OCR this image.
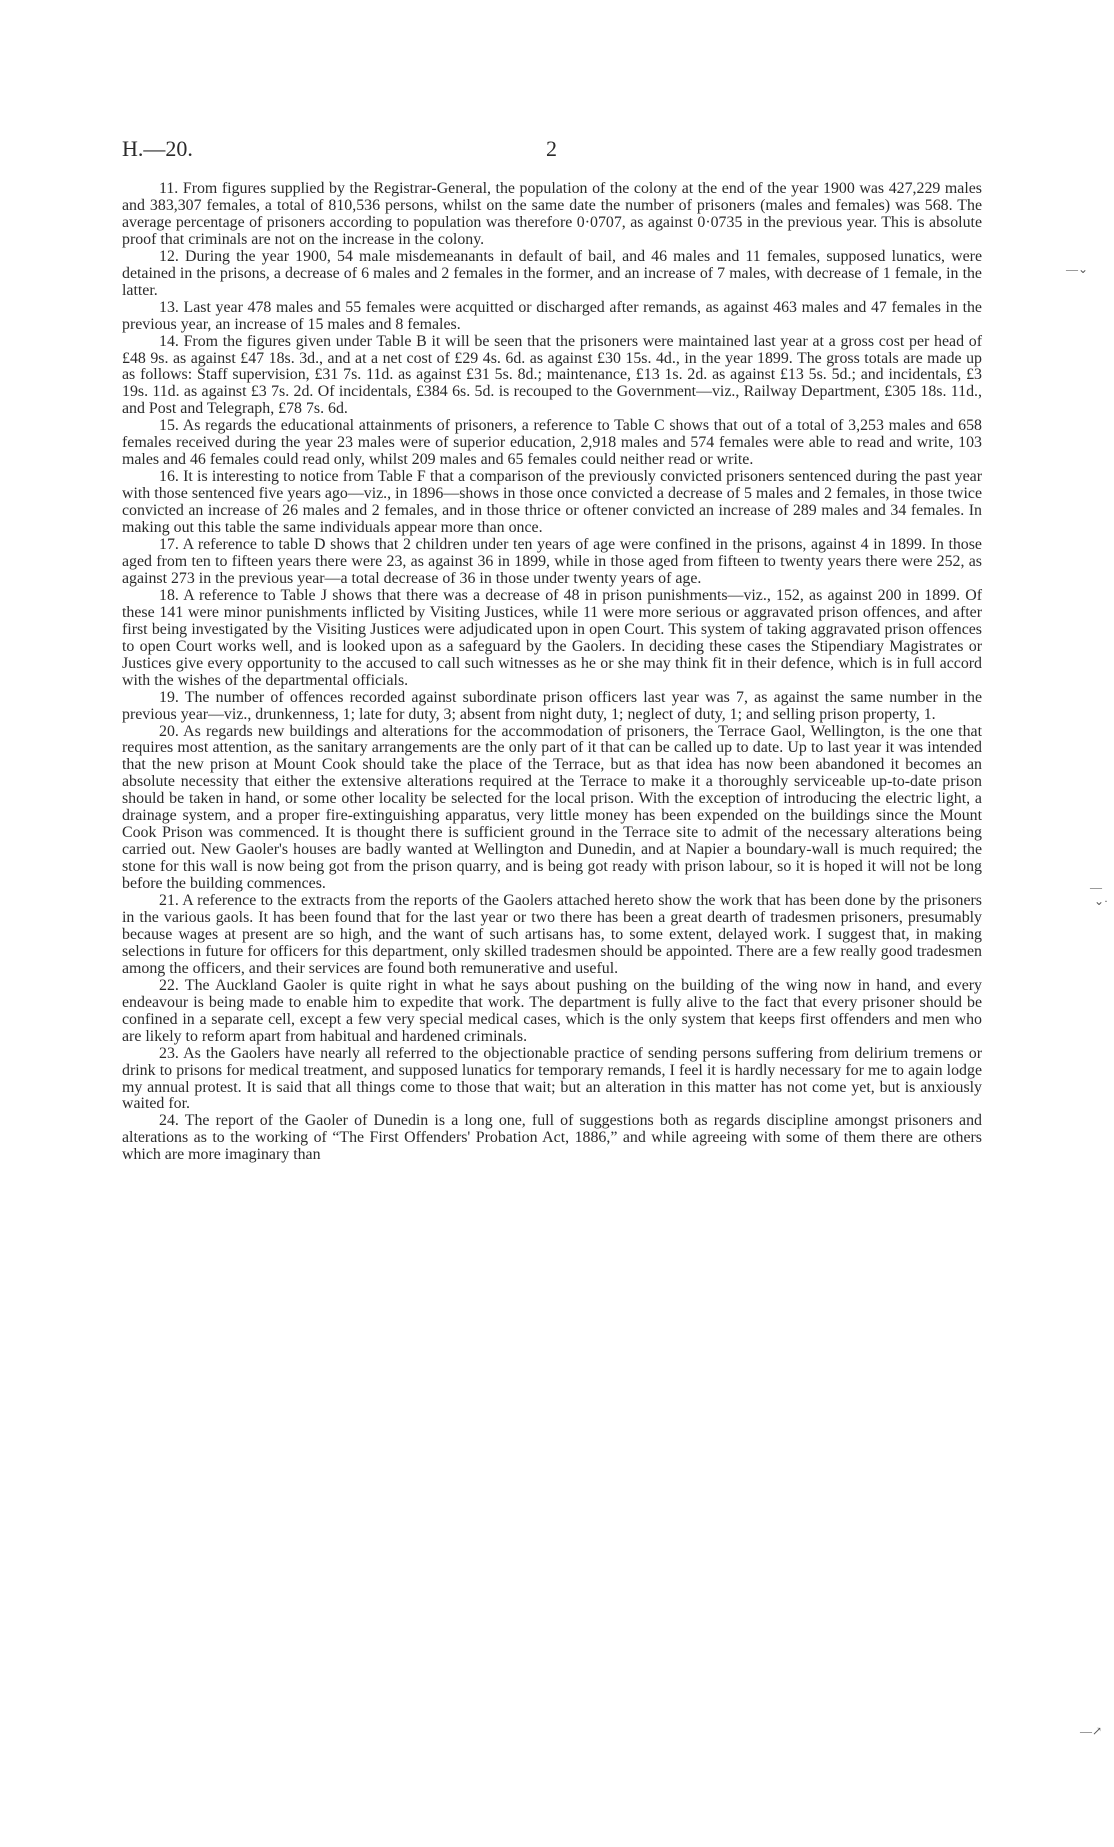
H.—20.	2
—⌄
—
⌄·
—↗

11. From figures supplied by the Registrar-General, the population of the colony at the end of the year 1900 was 427,229 males and 383,307 females, a total of 810,536 persons, whilst on the same date the number of prisoners (males and females) was 568. The average percentage of prisoners according to population was therefore 0·0707, as against 0·0735 in the previous year. This is absolute proof that criminals are not on the increase in the colony.

12. During the year 1900, 54 male misdemeanants in default of bail, and 46 males and 11 females, supposed lunatics, were detained in the prisons, a decrease of 6 males and 2 females in the former, and an increase of 7 males, with decrease of 1 female, in the latter.

13. Last year 478 males and 55 females were acquitted or discharged after remands, as against 463 males and 47 females in the previous year, an increase of 15 males and 8 females.

14. From the figures given under Table B it will be seen that the prisoners were maintained last year at a gross cost per head of £48 9s. as against £47 18s. 3d., and at a net cost of £29 4s. 6d. as against £30 15s. 4d., in the year 1899. The gross totals are made up as follows: Staff supervision, £31 7s. 11d. as against £31 5s. 8d.; maintenance, £13 1s. 2d. as against £13 5s. 5d.; and incidentals, £3 19s. 11d. as against £3 7s. 2d. Of incidentals, £384 6s. 5d. is recouped to the Government—viz., Railway Department, £305 18s. 11d., and Post and Telegraph, £78 7s. 6d.

15. As regards the educational attainments of prisoners, a reference to Table C shows that out of a total of 3,253 males and 658 females received during the year 23 males were of superior education, 2,918 males and 574 females were able to read and write, 103 males and 46 females could read only, whilst 209 males and 65 females could neither read or write.

16. It is interesting to notice from Table F that a comparison of the previously convicted prisoners sentenced during the past year with those sentenced five years ago—viz., in 1896—shows in those once convicted a decrease of 5 males and 2 females, in those twice convicted an increase of 26 males and 2 females, and in those thrice or oftener convicted an increase of 289 males and 34 females. In making out this table the same individuals appear more than once.

17. A reference to table D shows that 2 children under ten years of age were confined in the prisons, against 4 in 1899. In those aged from ten to fifteen years there were 23, as against 36 in 1899, while in those aged from fifteen to twenty years there were 252, as against 273 in the previous year—a total decrease of 36 in those under twenty years of age.

18. A reference to Table J shows that there was a decrease of 48 in prison punishments—viz., 152, as against 200 in 1899. Of these 141 were minor punishments inflicted by Visiting Justices, while 11 were more serious or aggravated prison offences, and after first being investigated by the Visiting Justices were adjudicated upon in open Court. This system of taking aggravated prison offences to open Court works well, and is looked upon as a safeguard by the Gaolers. In deciding these cases the Stipendiary Magistrates or Justices give every opportunity to the accused to call such witnesses as he or she may think fit in their defence, which is in full accord with the wishes of the departmental officials.

19. The number of offences recorded against subordinate prison officers last year was 7, as against the same number in the previous year—viz., drunkenness, 1; late for duty, 3; absent from night duty, 1; neglect of duty, 1; and selling prison property, 1.

20. As regards new buildings and alterations for the accommodation of prisoners, the Terrace Gaol, Wellington, is the one that requires most attention, as the sanitary arrangements are the only part of it that can be called up to date. Up to last year it was intended that the new prison at Mount Cook should take the place of the Terrace, but as that idea has now been abandoned it becomes an absolute necessity that either the extensive alterations required at the Terrace to make it a thoroughly serviceable up-to-date prison should be taken in hand, or some other locality be selected for the local prison. With the exception of introducing the electric light, a drainage system, and a proper fire-extinguishing apparatus, very little money has been expended on the buildings since the Mount Cook Prison was commenced. It is thought there is sufficient ground in the Terrace site to admit of the necessary alterations being carried out. New Gaoler's houses are badly wanted at Wellington and Dunedin, and at Napier a boundary-wall is much required; the stone for this wall is now being got from the prison quarry, and is being got ready with prison labour, so it is hoped it will not be long before the building commences.

21. A reference to the extracts from the reports of the Gaolers attached hereto show the work that has been done by the prisoners in the various gaols. It has been found that for the last year or two there has been a great dearth of tradesmen prisoners, presumably because wages at present are so high, and the want of such artisans has, to some extent, delayed work. I suggest that, in making selections in future for officers for this department, only skilled tradesmen should be appointed. There are a few really good tradesmen among the officers, and their services are found both remunerative and useful.

22. The Auckland Gaoler is quite right in what he says about pushing on the building of the wing now in hand, and every endeavour is being made to enable him to expedite that work. The department is fully alive to the fact that every prisoner should be confined in a separate cell, except a few very special medical cases, which is the only system that keeps first offenders and men who are likely to reform apart from habitual and hardened criminals.

23. As the Gaolers have nearly all referred to the objectionable practice of sending persons suffering from delirium tremens or drink to prisons for medical treatment, and supposed lunatics for temporary remands, I feel it is hardly necessary for me to again lodge my annual protest. It is said that all things come to those that wait; but an alteration in this matter has not come yet, but is anxiously waited for.

24. The report of the Gaoler of Dunedin is a long one, full of suggestions both as regards discipline amongst prisoners and alterations as to the working of “The First Offenders' Probation Act, 1886,” and while agreeing with some of them there are others which are more imaginary than
